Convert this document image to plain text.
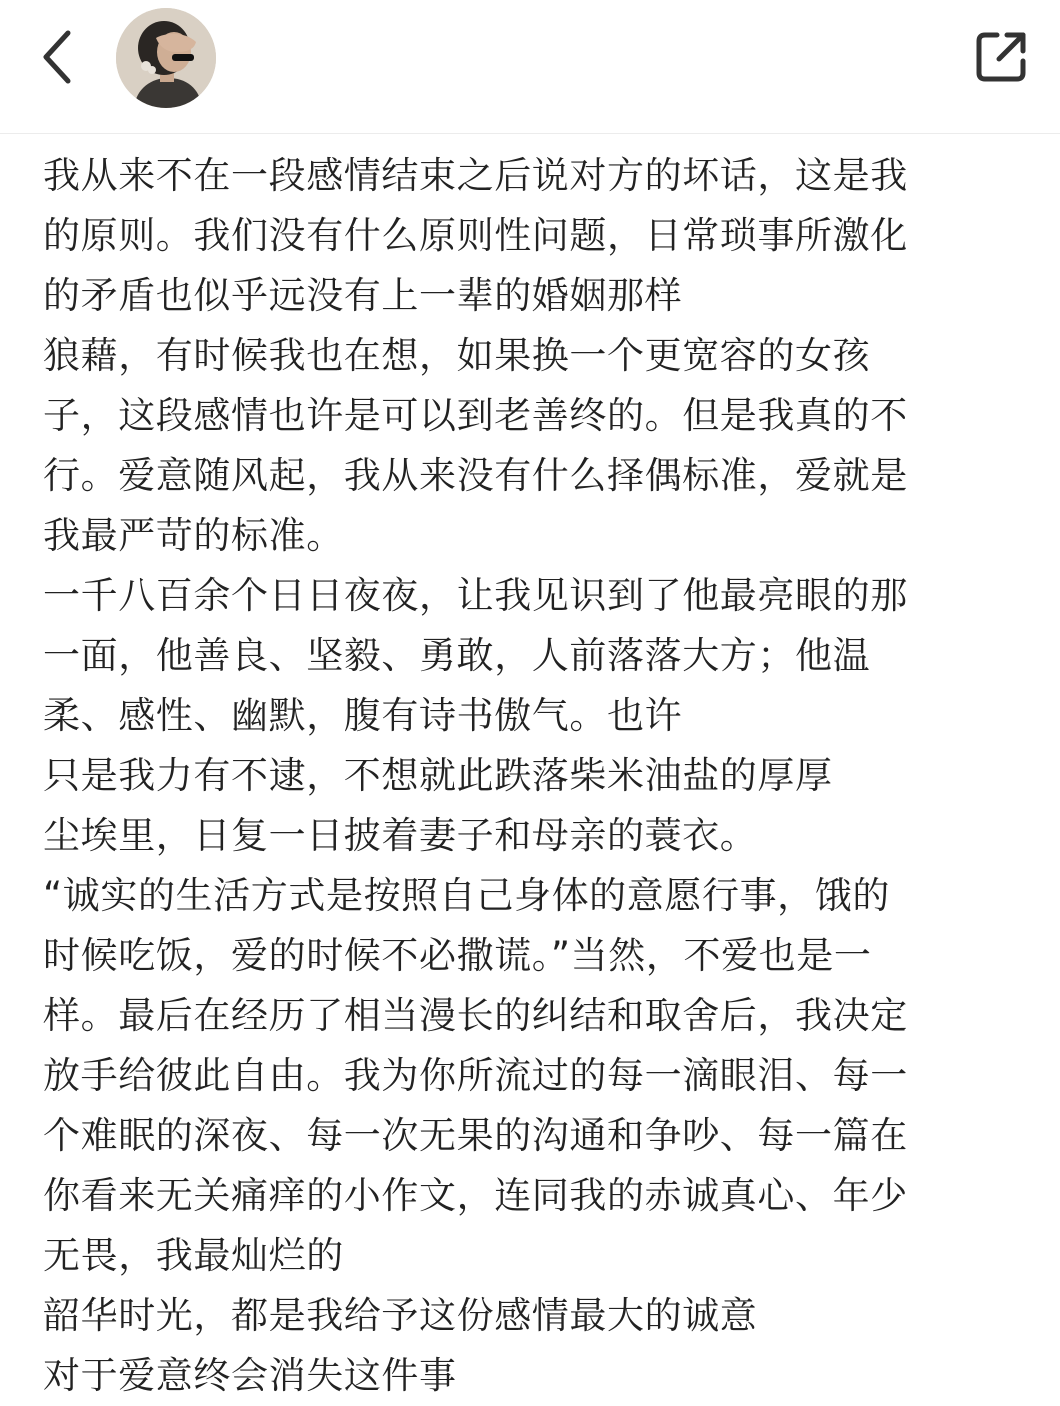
我从来不在一段感情结束之后说对方的坏话，这是我
的原则。我们没有什么原则性问题，日常琐事所激化
的矛盾也似乎远没有上一辈的婚姻那样
狼藉，有时候我也在想，如果换一个更宽容的女孩
子，这段感情也许是可以到老善终的。但是我真的不
行。爱意随风起，我从来没有什么择偶标准，爱就是
我最严苛的标准。
一千八百余个日日夜夜，让我见识到了他最亮眼的那
一面，他善良、坚毅、勇敢，人前落落大方；他温
柔、感性、幽默，腹有诗书傲气。也许
只是我力有不逮，不想就此跌落柴米油盐的厚厚
尘埃里，日复一日披着妻子和母亲的蓑衣。
“诚实的生活方式是按照自己身体的意愿行事，饿的
时候吃饭，爱的时候不必撒谎。”当然，不爱也是一
样。最后在经历了相当漫长的纠结和取舍后，我决定
放手给彼此自由。我为你所流过的每一滴眼泪、每一
个难眠的深夜、每一次无果的沟通和争吵、每一篇在
你看来无关痛痒的小作文，连同我的赤诚真心、年少
无畏，我最灿烂的
韶华时光，都是我给予这份感情最大的诚意
对于爱意终会消失这件事
